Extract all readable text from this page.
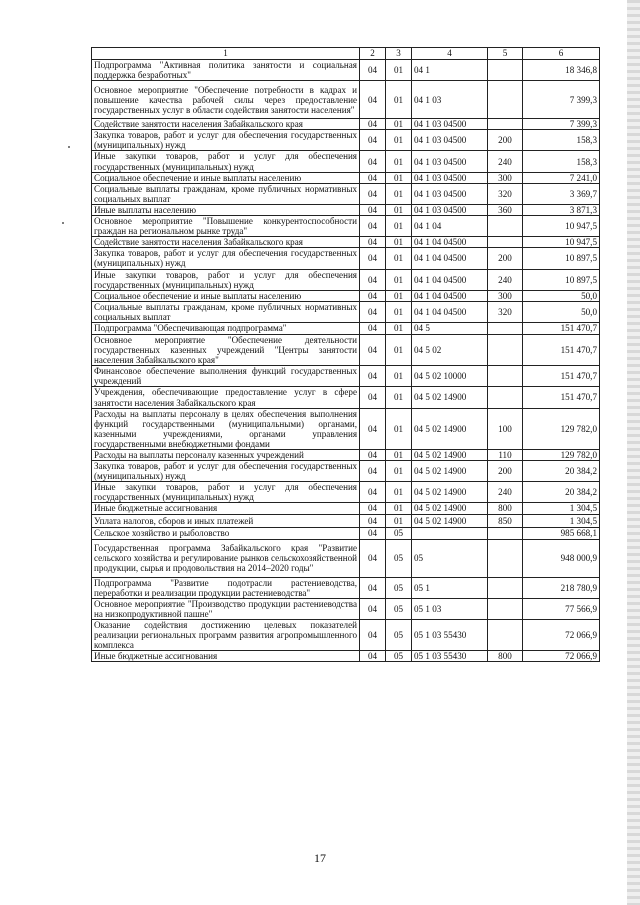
1	2	3	4	5	6
Подпрограмма "Активная политика занятости и социальная поддержка безработных"	04	01	04 1		18 346,8
Основное мероприятие "Обеспечение потребности в кадрах и повышение качества рабочей силы через предоставление государственных услуг в области содействия занятости населения"	04	01	04 1 03		7 399,3
Содействие занятости населения Забайкальского края	04	01	04 1 03 04500		7 399,3
Закупка товаров, работ и услуг для обеспечения государственных (муниципальных) нужд	04	01	04 1 03 04500	200	158,3
Иные закупки товаров, работ и услуг для обеспечения государственных (муниципальных) нужд	04	01	04 1 03 04500	240	158,3
Социальное обеспечение и иные выплаты населению	04	01	04 1 03 04500	300	7 241,0
Социальные выплаты гражданам, кроме публичных нормативных социальных выплат	04	01	04 1 03 04500	320	3 369,7
Иные выплаты населению	04	01	04 1 03 04500	360	3 871,3
Основное мероприятие "Повышение конкурентоспособности граждан на региональном рынке труда"	04	01	04 1 04		10 947,5
Содействие занятости населения Забайкальского края	04	01	04 1 04 04500		10 947,5
Закупка товаров, работ и услуг для обеспечения государственных (муниципальных) нужд	04	01	04 1 04 04500	200	10 897,5
Иные закупки товаров, работ и услуг для обеспечения государственных (муниципальных) нужд	04	01	04 1 04 04500	240	10 897,5
Социальное обеспечение и иные выплаты населению	04	01	04 1 04 04500	300	50,0
Социальные выплаты гражданам, кроме публичных нормативных социальных выплат	04	01	04 1 04 04500	320	50,0
Подпрограмма "Обеспечивающая подпрограмма"	04	01	04 5		151 470,7
Основное мероприятие "Обеспечение деятельности государственных казенных учреждений "Центры занятости населения Забайкальского края"	04	01	04 5 02		151 470,7
Финансовое обеспечение выполнения функций государственных учреждений	04	01	04 5 02 10000		151 470,7
Учреждения, обеспечивающие предоставление услуг в сфере занятости населения Забайкальского края	04	01	04 5 02 14900		151 470,7
Расходы на выплаты персоналу в целях обеспечения выполнения функций государственными (муниципальными) органами, казенными учреждениями, органами управления государственными внебюджетными фондами	04	01	04 5 02 14900	100	129 782,0
Расходы на выплаты персоналу казенных учреждений	04	01	04 5 02 14900	110	129 782,0
Закупка товаров, работ и услуг для обеспечения государственных (муниципальных) нужд	04	01	04 5 02 14900	200	20 384,2
Иные закупки товаров, работ и услуг для обеспечения государственных (муниципальных) нужд	04	01	04 5 02 14900	240	20 384,2
Иные бюджетные ассигнования	04	01	04 5 02 14900	800	1 304,5
Уплата налогов, сборов и иных платежей	04	01	04 5 02 14900	850	1 304,5
Сельское хозяйство и рыболовство	04	05			985 668,1
Государственная программа Забайкальского края "Развитие сельского хозяйства и регулирование рынков сельскохозяйственной продукции, сырья и продовольствия на 2014–2020 годы"	04	05	05		948 000,9
Подпрограмма "Развитие подотрасли растениеводства, переработки и реализации продукции растениеводства"	04	05	05 1		218 780,9
Основное мероприятие "Производство продукции растениеводства на низкопродуктивной пашне"	04	05	05 1 03		77 566,9
Оказание содействия достижению целевых показателей реализации региональных программ развития агропромышленного комплекса	04	05	05 1 03 55430		72 066,9
Иные бюджетные ассигнования	04	05	05 1 03 55430	800	72 066,9
17
